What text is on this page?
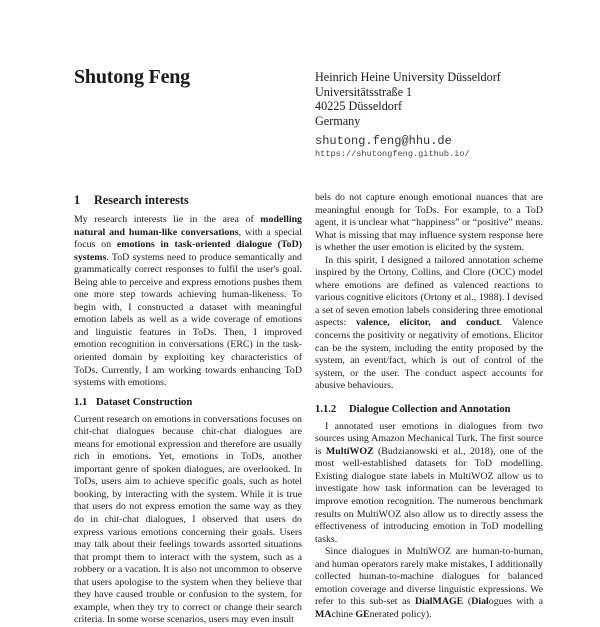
Shutong Feng	Heinrich Heine University Düsseldorf
Universitätsstraße 1
40225 Düsseldorf
Germany
shutong.feng@hhu.de
https://shutongfeng.github.io/
1 Research interests

My research interests lie in the area of modelling natural and human-like conversations, with a special focus on emotions in task-oriented dialogue (ToD) systems. ToD systems need to produce semantically and grammatically correct responses to fulfil the user's goal. Being able to perceive and express emotions pushes them one more step towards achieving human-likeness. To begin with, I constructed a dataset with meaningful emotion labels as well as a wide coverage of emotions and linguistic features in ToDs. Then, I improved emotion recognition in conversations (ERC) in the task-oriented domain by exploiting key characteristics of ToDs. Currently, I am working towards enhancing ToD systems with emotions.

1.1 Dataset Construction

Current research on emotions in conversations focuses on chit-chat dialogues because chit-chat dialogues are means for emotional expression and therefore are usually rich in emotions. Yet, emotions in ToDs, another important genre of spoken dialogues, are overlooked. In ToDs, users aim to achieve specific goals, such as hotel booking, by interacting with the system. While it is true that users do not express emotion the same way as they do in chit-chat dialogues, I observed that users do express various emotions concerning their goals. Users may talk about their feelings towards assorted situations that prompt them to interact with the system, such as a robbery or a vacation. It is also not uncommon to observe that users apologise to the system when they believe that they have caused trouble or confusion to the system, for example, when they try to correct or change their search criteria. In some worse scenarios, users may even insult

bels do not capture enough emotional nuances that are meaningful enough for ToDs. For example, to a ToD agent, it is unclear what “happiness” or “positive” means. What is missing that may influence system response here is whether the user emotion is elicited by the system.

In this spirit, I designed a tailored annotation scheme inspired by the Ortony, Collins, and Clore (OCC) model where emotions are defined as valenced reactions to various cognitive elicitors (Ortony et al., 1988). I devised a set of seven emotion labels considering three emotional aspects: valence, elicitor, and conduct. Valence concerns the positivity or negativity of emotions. Elicitor can be the system, including the entity proposed by the system, an event/fact, which is out of control of the system, or the user. The conduct aspect accounts for abusive behaviours.

1.1.2 Dialogue Collection and Annotation

I annotated user emotions in dialogues from two sources using Amazon Mechanical Turk. The first source is MultiWOZ (Budzianowski et al., 2018), one of the most well-established datasets for ToD modelling. Existing dialogue state labels in MultiWOZ allow us to investigate how task information can be leveraged to improve emotion recognition. The numerous benchmark results on MultiWOZ also allow us to directly assess the effectiveness of introducing emotion in ToD modelling tasks.

Since dialogues in MultiWOZ are human-to-human, and human operators rarely make mistakes, I additionally collected human-to-machine dialogues for balanced emotion coverage and diverse linguistic expressions. We refer to this sub-set as DialMAGE (Dialogues with a MAchine GEnerated policy).
